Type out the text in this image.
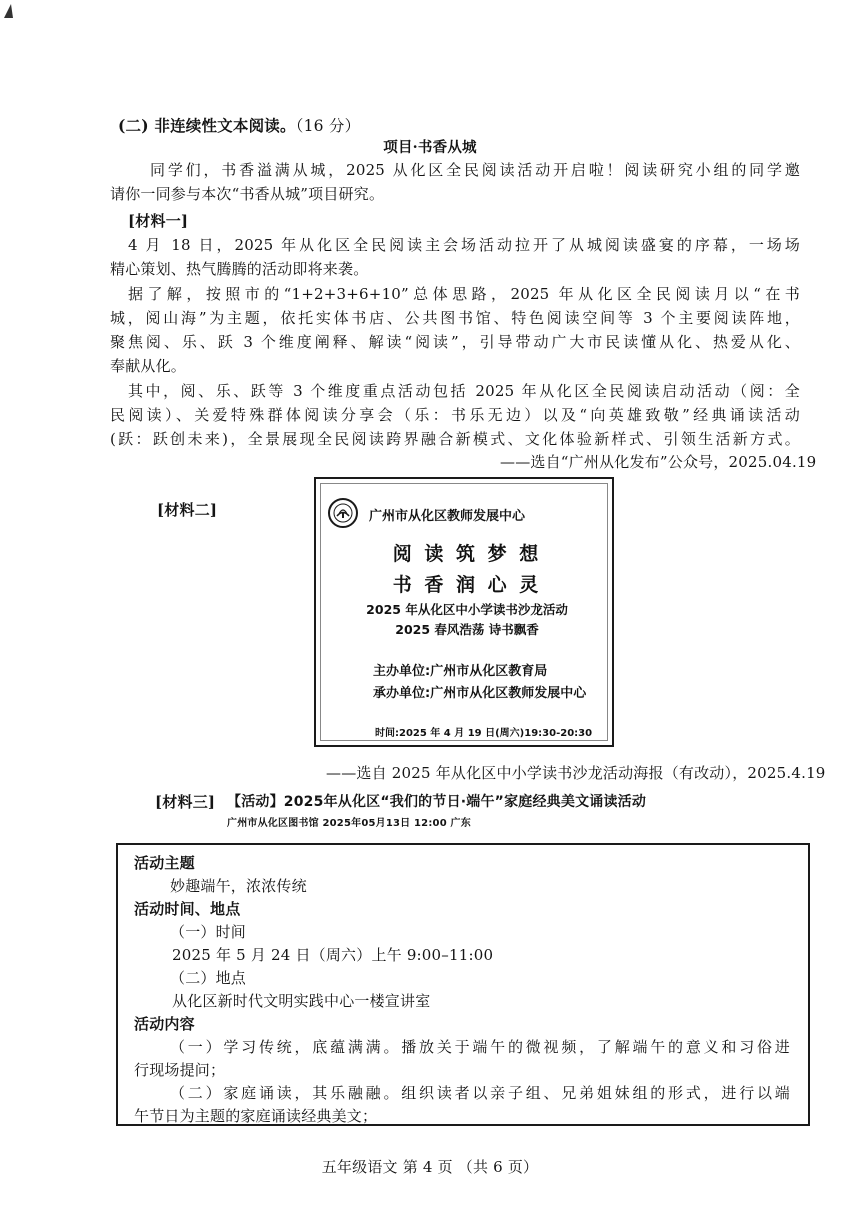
(二) 非连续性文本阅读。（16 分）
项目·书香从城
同学们，书香溢满从城，2025 从化区全民阅读活动开启啦！阅读研究小组的同学邀
请你一同参与本次“书香从城”项目研究。
[材料一]
4 月 18 日，2025 年从化区全民阅读主会场活动拉开了从城阅读盛宴的序幕，一场场
精心策划、热气腾腾的活动即将来袭。
据了解，按照市的“1+2+3+6+10”总体思路，2025 年从化区全民阅读月以“在书
城，阅山海”为主题，依托实体书店、公共图书馆、特色阅读空间等 3 个主要阅读阵地，
聚焦阅、乐、跃 3 个维度阐释、解读“阅读”，引导带动广大市民读懂从化、热爱从化、
奉献从化。
其中，阅、乐、跃等 3 个维度重点活动包括 2025 年从化区全民阅读启动活动（阅：全
民阅读）、关爱特殊群体阅读分享会（乐：书乐无边）以及“向英雄致敬”经典诵读活动
(跃：跃创未来)，全景展现全民阅读跨界融合新模式、文化体验新样式、引领生活新方式。
——选自“广州从化发布”公众号，2025.04.19
[材料二]	广州市从化区教师发展中心
阅 读 筑 梦 想
书 香 润 心 灵
2025 年从化区中小学读书沙龙活动
2025 春风浩荡 诗书飘香
主办单位:广州市从化区教育局
承办单位:广州市从化区教师发展中心
时间:2025 年 4 月 19 日(周六)19:30-20:30
——选自 2025 年从化区中小学读书沙龙活动海报（有改动），2025.4.19
[材料三] 【活动】2025年从化区“我们的节日·端午”家庭经典美文诵读活动
广州市从化区图书馆 2025年05月13日 12:00 广东
活动主题
妙趣端午，浓浓传统
活动时间、地点
（一）时间
2025 年 5 月 24 日（周六）上午 9:00–11:00
（二）地点
从化区新时代文明实践中心一楼宣讲室
活动内容
（一）学习传统，底蕴满满。播放关于端午的微视频，了解端午的意义和习俗进
行现场提问；
（二）家庭诵读，其乐融融。组织读者以亲子组、兄弟姐妹组的形式，进行以端
午节日为主题的家庭诵读经典美文；
五年级语文 第 4 页 （共 6 页）
